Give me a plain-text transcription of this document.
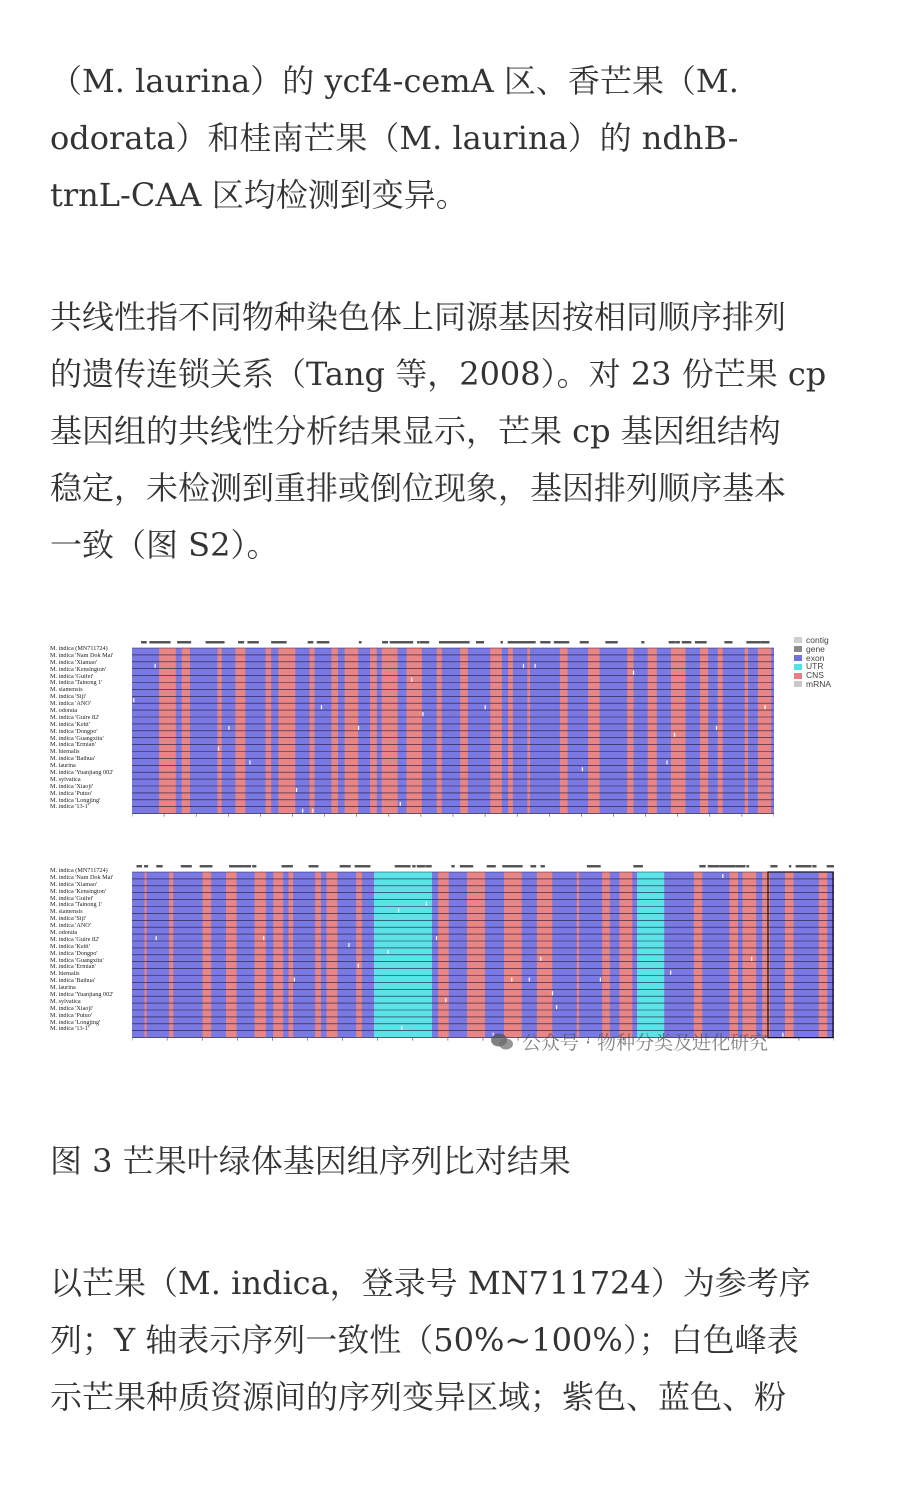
（M. laurina）的 ycf4-cemA 区、香芒果（M.
odorata）和桂南芒果（M. laurina）的 ndhB-
trnL-CAA 区均检测到变异。
共线性指不同物种染色体上同源基因按相同顺序排列
的遗传连锁关系（Tang 等，2008）。对 23 份芒果 cp
基因组的共线性分析结果显示，芒果 cp 基因组结构
稳定，未检测到重排或倒位现象，基因排列顺序基本
一致（图 S2）。
M. indica (MN711724)
M. indica 'Nam Dok Mai'
M. indica 'Xiamao'
M. indica 'Kensington'
M. indica 'Guifei'
M. indica 'Tainong 1'
M. siamensis
M. indica 'Siji'
M. indica 'ANO'
M. odorata
M. indica 'Guire 82'
M. indica 'Keitt'
M. indica 'Dongpo'
M. indica 'Guangxitu'
M. indica 'Ermian'
M. hiemalis
M. indica 'Baihua'
M. laurina
M. indica 'Yuanjiang 002'
M. sylvatica
M. indica 'Xiaoji'
M. indica 'Putuo'
M. indica 'Longjing'
M. indica '13-1'
contig
gene
exon
UTR
CNS
mRNA
M. indica (MN711724)
M. indica 'Nam Dok Mai'
M. indica 'Xiamao'
M. indica 'Kensington'
M. indica 'Guifei'
M. indica 'Tainong 1'
M. siamensis
M. indica 'Siji'
M. indica 'ANO'
M. odorata
M. indica 'Guire 82'
M. indica 'Keitt'
M. indica 'Dongpo'
M. indica 'Guangxitu'
M. indica 'Ermian'
M. hiemalis
M. indica 'Baihua'
M. laurina
M. indica 'Yuanjiang 002'
M. sylvatica
M. indica 'Xiaoji'
M. indica 'Putuo'
M. indica 'Longjing'
M. indica '13-1'
公众号 · 物种分类及进化研究
图 3 芒果叶绿体基因组序列比对结果
以芒果（M. indica，登录号 MN711724）为参考序
列；Y 轴表示序列一致性（50%~100%）；白色峰表
示芒果种质资源间的序列变异区域；紫色、蓝色、粉
